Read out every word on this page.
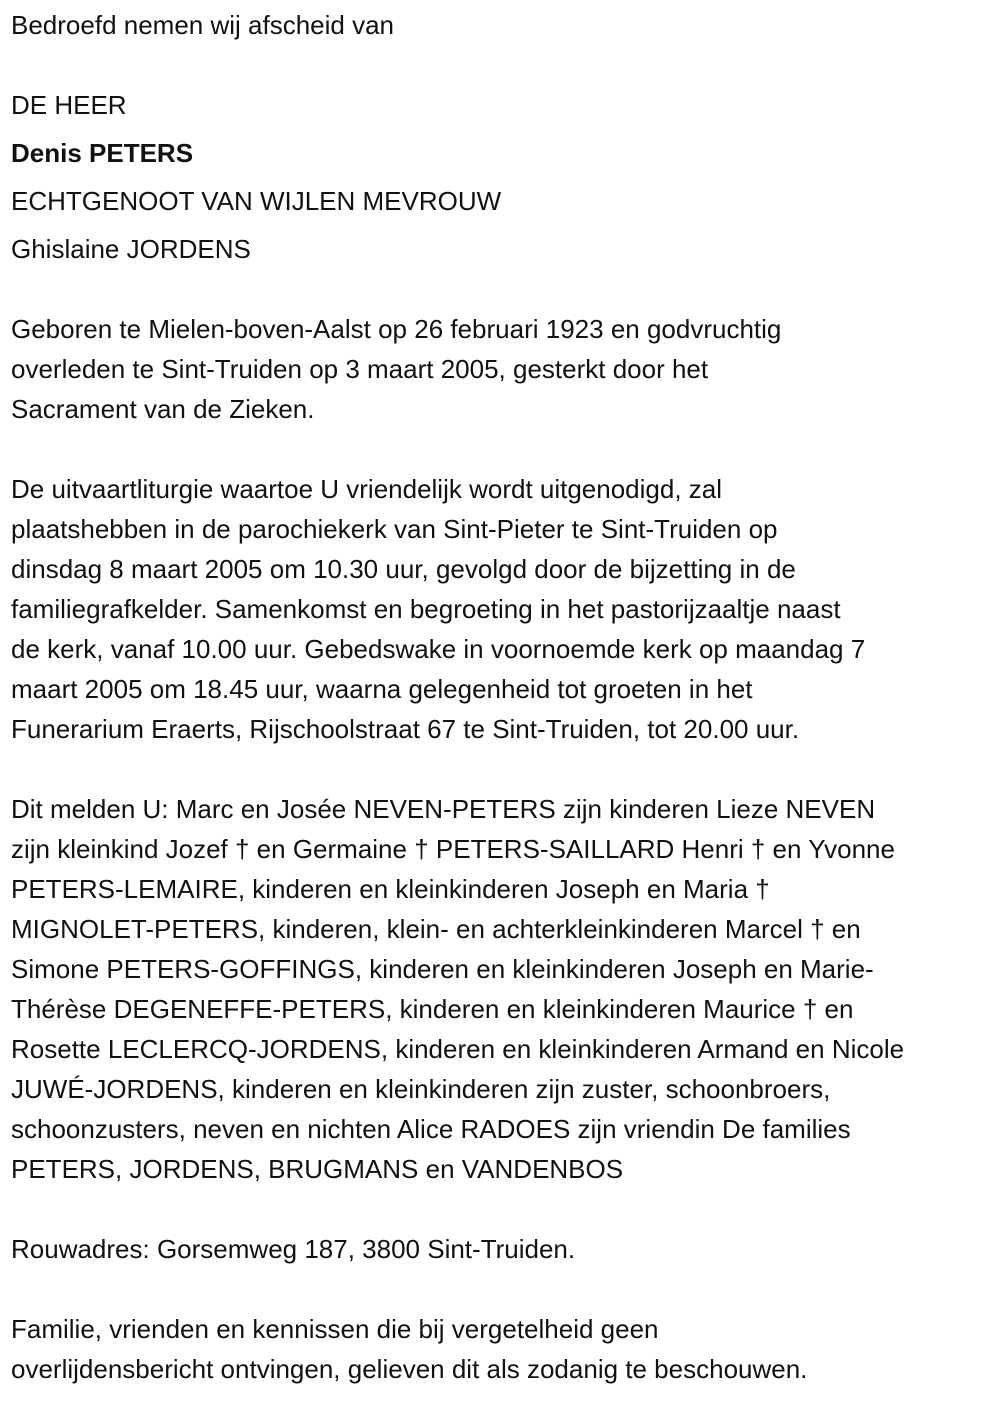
Bedroefd nemen wij afscheid van
DE HEER
Denis PETERS
ECHTGENOOT VAN WIJLEN MEVROUW
Ghislaine JORDENS
Geboren te Mielen-boven-Aalst op 26 februari 1923 en godvruchtig
overleden te Sint-Truiden op 3 maart 2005, gesterkt door het
Sacrament van de Zieken.
De uitvaartliturgie waartoe U vriendelijk wordt uitgenodigd, zal
plaatshebben in de parochiekerk van Sint-Pieter te Sint-Truiden op
dinsdag 8 maart 2005 om 10.30 uur, gevolgd door de bijzetting in de
familiegrafkelder. Samenkomst en begroeting in het pastorijzaaltje naast
de kerk, vanaf 10.00 uur. Gebedswake in voornoemde kerk op maandag 7
maart 2005 om 18.45 uur, waarna gelegenheid tot groeten in het
Funerarium Eraerts, Rijschoolstraat 67 te Sint-Truiden, tot 20.00 uur.
Dit melden U: Marc en Josée NEVEN-PETERS zijn kinderen Lieze NEVEN
zijn kleinkind Jozef † en Germaine † PETERS-SAILLARD Henri † en Yvonne
PETERS-LEMAIRE, kinderen en kleinkinderen Joseph en Maria †
MIGNOLET-PETERS, kinderen, klein- en achterkleinkinderen Marcel † en
Simone PETERS-GOFFINGS, kinderen en kleinkinderen Joseph en Marie-
Thérèse DEGENEFFE-PETERS, kinderen en kleinkinderen Maurice † en
Rosette LECLERCQ-JORDENS, kinderen en kleinkinderen Armand en Nicole
JUWÉ-JORDENS, kinderen en kleinkinderen zijn zuster, schoonbroers,
schoonzusters, neven en nichten Alice RADOES zijn vriendin De families
PETERS, JORDENS, BRUGMANS en VANDENBOS
Rouwadres: Gorsemweg 187, 3800 Sint-Truiden.
Familie, vrienden en kennissen die bij vergetelheid geen
overlijdensbericht ontvingen, gelieven dit als zodanig te beschouwen.
